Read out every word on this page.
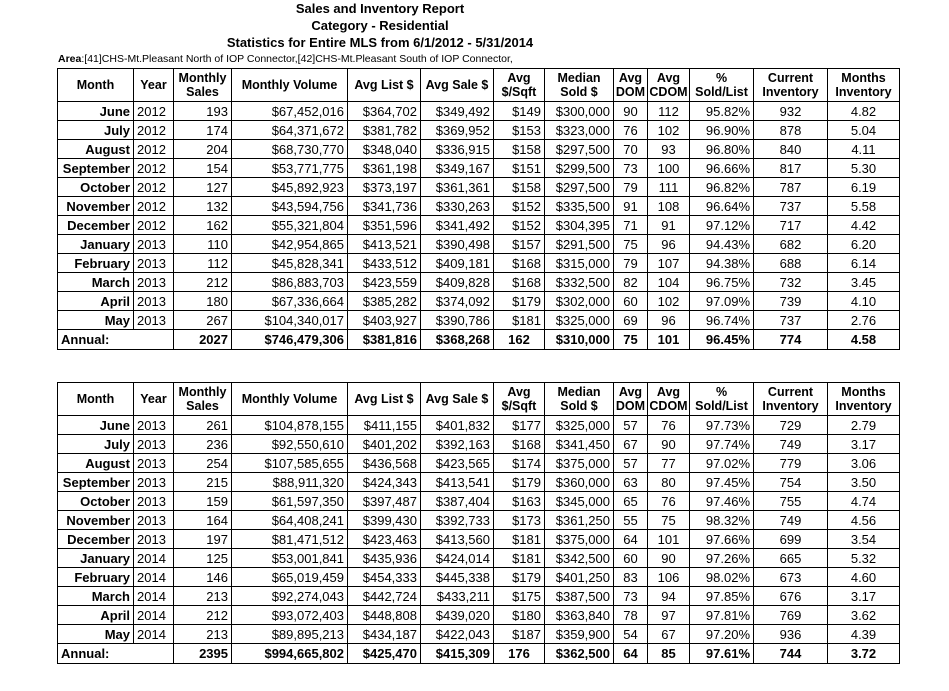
Sales and Inventory Report
Category - Residential
Statistics for Entire MLS from 6/1/2012 - 5/31/2014
Area:[41]CHS-Mt.Pleasant North of IOP Connector,[42]CHS-Mt.Pleasant South of IOP Connector,
Month	Year	Monthly Sales	Monthly Volume	Avg List $	Avg Sale $	Avg $/Sqft	Median Sold $	Avg DOM	Avg CDOM	% Sold/List	Current Inventory	Months Inventory
June	2012	193	$67,452,016	$364,702	$349,492	$149	$300,000	90	112	95.82%	932	4.82
July	2012	174	$64,371,672	$381,782	$369,952	$153	$323,000	76	102	96.90%	878	5.04
August	2012	204	$68,730,770	$348,040	$336,915	$158	$297,500	70	93	96.80%	840	4.11
September	2012	154	$53,771,775	$361,198	$349,167	$151	$299,500	73	100	96.66%	817	5.30
October	2012	127	$45,892,923	$373,197	$361,361	$158	$297,500	79	111	96.82%	787	6.19
November	2012	132	$43,594,756	$341,736	$330,263	$152	$335,500	91	108	96.64%	737	5.58
December	2012	162	$55,321,804	$351,596	$341,492	$152	$304,395	71	91	97.12%	717	4.42
January	2013	110	$42,954,865	$413,521	$390,498	$157	$291,500	75	96	94.43%	682	6.20
February	2013	112	$45,828,341	$433,512	$409,181	$168	$315,000	79	107	94.38%	688	6.14
March	2013	212	$86,883,703	$423,559	$409,828	$168	$332,500	82	104	96.75%	732	3.45
April	2013	180	$67,336,664	$385,282	$374,092	$179	$302,000	60	102	97.09%	739	4.10
May	2013	267	$104,340,017	$403,927	$390,786	$181	$325,000	69	96	96.74%	737	2.76
Annual:		2027	$746,479,306	$381,816	$368,268	162	$310,000	75	101	96.45%	774	4.58
Month	Year	Monthly Sales	Monthly Volume	Avg List $	Avg Sale $	Avg $/Sqft	Median Sold $	Avg DOM	Avg CDOM	% Sold/List	Current Inventory	Months Inventory
June	2013	261	$104,878,155	$411,155	$401,832	$177	$325,000	57	76	97.73%	729	2.79
July	2013	236	$92,550,610	$401,202	$392,163	$168	$341,450	67	90	97.74%	749	3.17
August	2013	254	$107,585,655	$436,568	$423,565	$174	$375,000	57	77	97.02%	779	3.06
September	2013	215	$88,911,320	$424,343	$413,541	$179	$360,000	63	80	97.45%	754	3.50
October	2013	159	$61,597,350	$397,487	$387,404	$163	$345,000	65	76	97.46%	755	4.74
November	2013	164	$64,408,241	$399,430	$392,733	$173	$361,250	55	75	98.32%	749	4.56
December	2013	197	$81,471,512	$423,463	$413,560	$181	$375,000	64	101	97.66%	699	3.54
January	2014	125	$53,001,841	$435,936	$424,014	$181	$342,500	60	90	97.26%	665	5.32
February	2014	146	$65,019,459	$454,333	$445,338	$179	$401,250	83	106	98.02%	673	4.60
March	2014	213	$92,274,043	$442,724	$433,211	$175	$387,500	73	94	97.85%	676	3.17
April	2014	212	$93,072,403	$448,808	$439,020	$180	$363,840	78	97	97.81%	769	3.62
May	2014	213	$89,895,213	$434,187	$422,043	$187	$359,900	54	67	97.20%	936	4.39
Annual:		2395	$994,665,802	$425,470	$415,309	176	$362,500	64	85	97.61%	744	3.72
